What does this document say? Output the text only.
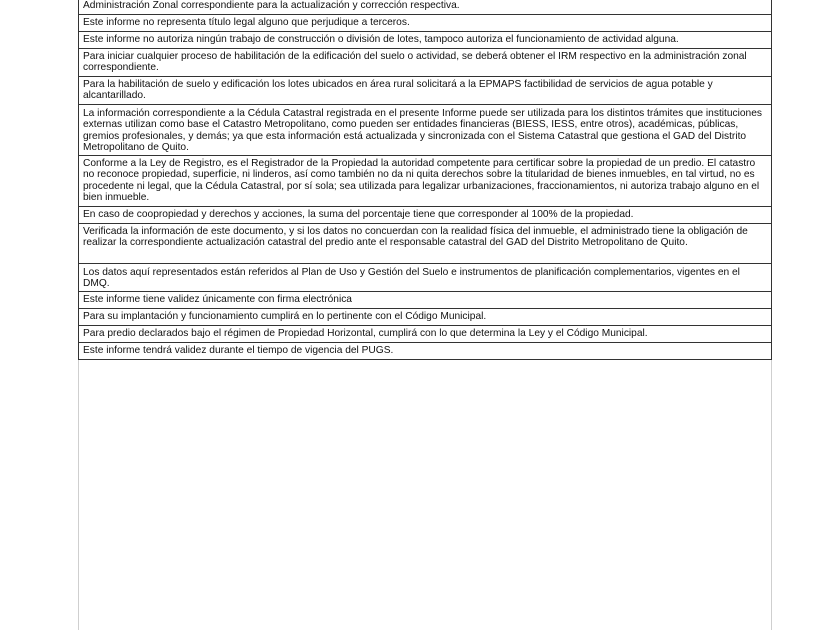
Administración Zonal correspondiente para la actualización y corrección respectiva.
Este informe no representa título legal alguno que perjudique a terceros.
Este informe no autoriza ningún trabajo de construcción o división de lotes, tampoco autoriza el funcionamiento de actividad alguna.
Para iniciar cualquier proceso de habilitación de la edificación del suelo o actividad, se deberá obtener el IRM respectivo en la administración zonal correspondiente.
Para la habilitación de suelo y edificación los lotes ubicados en área rural solicitará a la EPMAPS factibilidad de servicios de agua potable y alcantarillado.
La información correspondiente a la Cédula Catastral registrada en el presente Informe puede ser utilizada para los distintos trámites que instituciones externas utilizan como base el Catastro Metropolitano, como pueden ser entidades financieras (BIESS, IESS, entre otros), académicas, públicas, gremios profesionales, y demás; ya que esta información está actualizada y sincronizada con el Sistema Catastral que gestiona el GAD del Distrito Metropolitano de Quito.
Conforme a la Ley de Registro, es el Registrador de la Propiedad la autoridad competente para certificar sobre la propiedad de un predio. El catastro no reconoce propiedad, superficie, ni linderos, así como también no da ni quita derechos sobre la titularidad de bienes inmuebles, en tal virtud, no es procedente ni legal, que la Cédula Catastral, por sí sola; sea utilizada para legalizar urbanizaciones, fraccionamientos, ni autoriza trabajo alguno en el bien inmueble.
En caso de coopropiedad y derechos y acciones, la suma del porcentaje tiene que corresponder al 100% de la propiedad.
Verificada la información de este documento, y si los datos no concuerdan con la realidad física del inmueble, el administrado tiene la obligación de realizar la correspondiente actualización catastral del predio ante el responsable catastral del GAD del Distrito Metropolitano de Quito.
Los datos aquí representados están referidos al Plan de Uso y Gestión del Suelo e instrumentos de planificación complementarios, vigentes en el DMQ.
Este informe tiene validez únicamente con firma electrónica
Para su implantación y funcionamiento cumplirá en lo pertinente con el Código Municipal.
Para predio declarados bajo el régimen de Propiedad Horizontal, cumplirá con lo que determina la Ley y el Código Municipal.
Este informe tendrá validez durante el tiempo de vigencia del PUGS.
